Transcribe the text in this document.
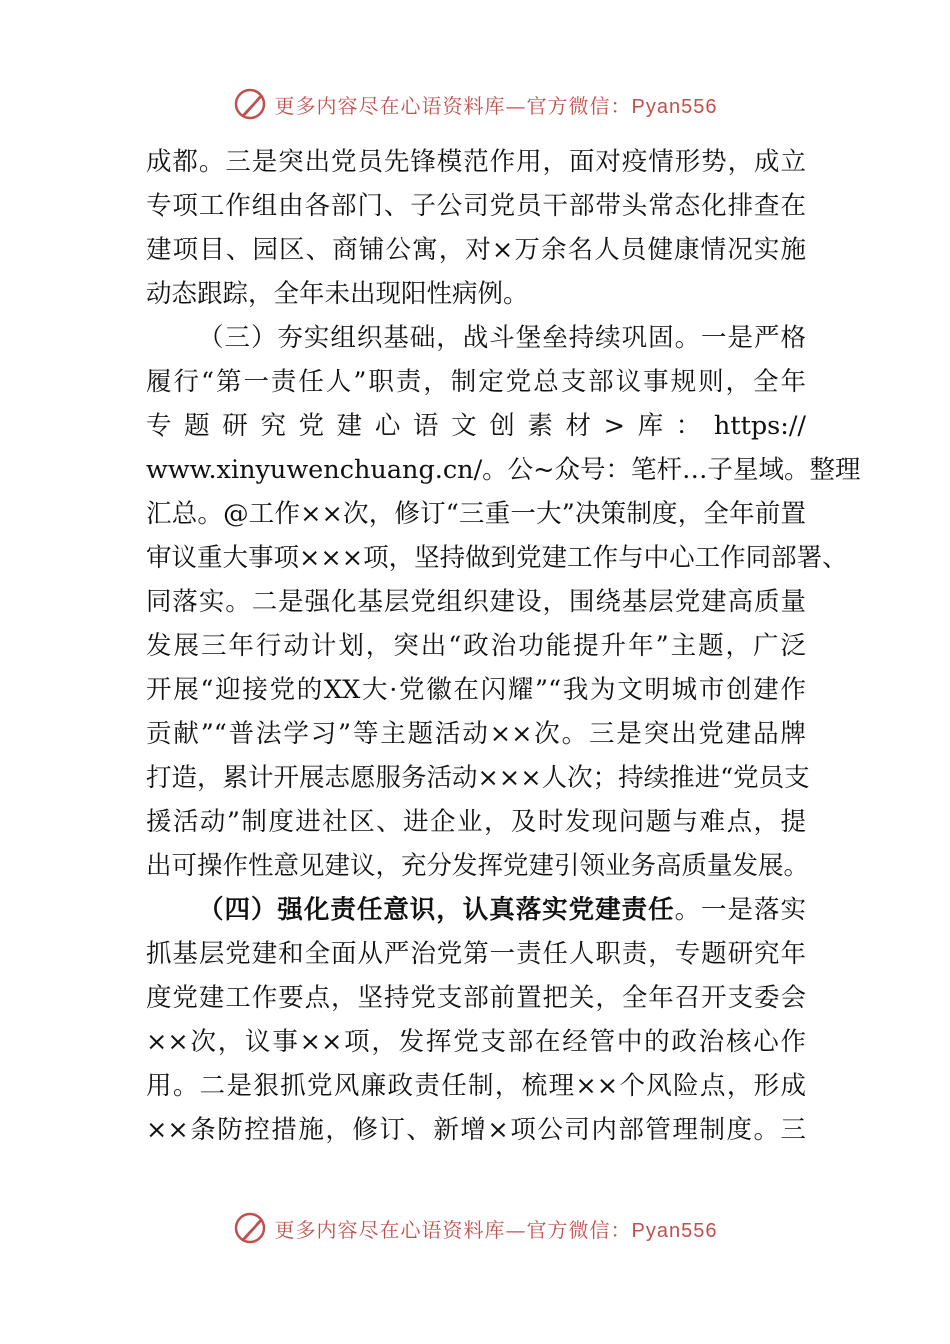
更多内容尽在心语资料库—官方微信：Pyan556
成都。三是突出党员先锋模范作用，面对疫情形势，成立
专项工作组由各部门、子公司党员干部带头常态化排查在
建项目、园区、商铺公寓，对×万余名人员健康情况实施
动态跟踪，全年未出现阳性病例。
（三）夯实组织基础，战斗堡垒持续巩固。一是严格
履行“第一责任人”职责，制定党总支部议事规则，全年
专题研究党建心语文创素材>库：https://
www.xinyuwenchuang.cn/。公~众号：笔杆…子星域。整理
汇总。@工作××次，修订“三重一大”决策制度，全年前置
审议重大事项×××项，坚持做到党建工作与中心工作同部署、
同落实。二是强化基层党组织建设，围绕基层党建高质量
发展三年行动计划，突出“政治功能提升年”主题，广泛
开展“迎接党的XX大·党徽在闪耀”“我为文明城市创建作
贡献”“普法学习”等主题活动××次。三是突出党建品牌
打造，累计开展志愿服务活动×××人次；持续推进“党员支
援活动”制度进社区、进企业，及时发现问题与难点，提
出可操作性意见建议，充分发挥党建引领业务高质量发展。
（四）强化责任意识，认真落实党建责任。一是落实
抓基层党建和全面从严治党第一责任人职责，专题研究年
度党建工作要点，坚持党支部前置把关，全年召开支委会
××次，议事××项，发挥党支部在经管中的政治核心作
用。二是狠抓党风廉政责任制，梳理××个风险点，形成
××条防控措施，修订、新增×项公司内部管理制度。三
更多内容尽在心语资料库—官方微信：Pyan556
